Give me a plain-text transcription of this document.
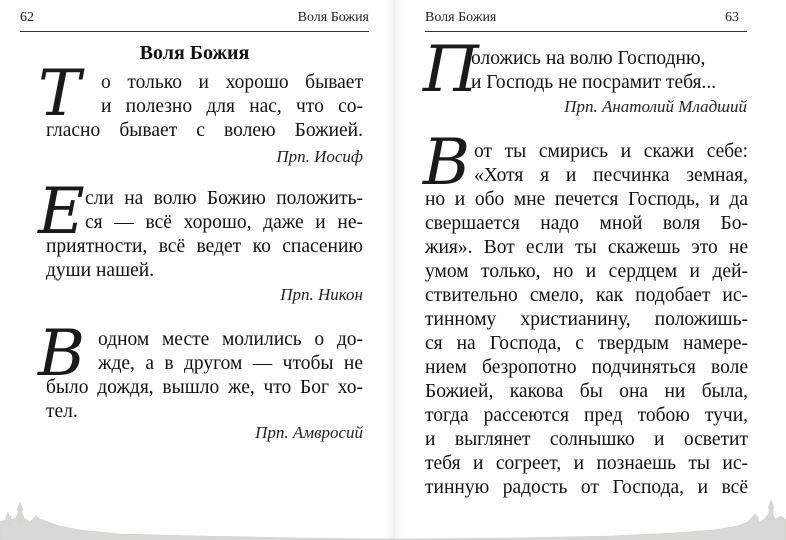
62	Воля Божия
Воля Божия
Т о только и хорошо бывает
и полезно для нас, что со-
гласно бывает с волею Божией.
Прп. Иосиф
Е сли на волю Божию положить-
ся — всё хорошо, даже и не-
приятности, всё ведет ко спасению
души нашей.
Прп. Никон
В одном месте молились о до-
жде, а в другом — чтобы не
было дождя, вышло же, что Бог хо-
тел.
Прп. Амвросий
Воля Божия	63
П
оложись на волю Господню,
и Господь не посрамит тебя...
Прп. Анатолий Младший
В от ты смирись и скажи себе:
«Хотя я и песчинка земная,
но и обо мне печется Господь, и да
свершается надо мной воля Бо-
жия». Вот если ты скажешь это не
умом только, но и сердцем и дей-
ствительно смело, как подобает ис-
тинному христианину, положишь-
ся на Господа, с твердым намере-
нием безропотно подчиняться воле
Божией, какова бы она ни была,
тогда рассеются пред тобою тучи,
и выглянет солнышко и осветит
тебя и согреет, и познаешь ты ис-
тинную радость от Господа, и всё
